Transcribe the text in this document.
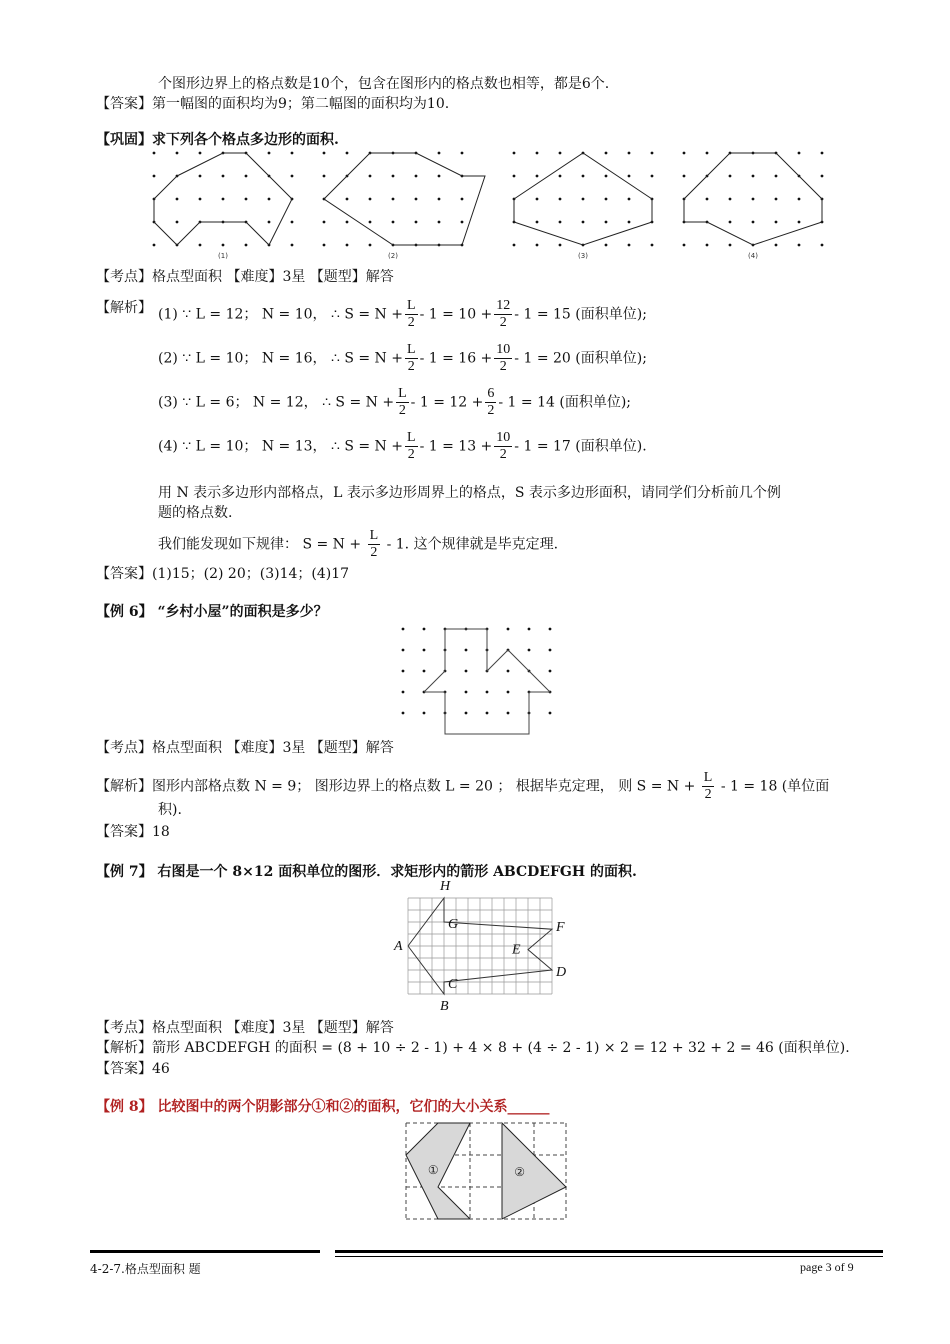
个图形边界上的格点数是10个，包含在图形内的格点数也相等，都是6个.
【答案】第一幅图的面积均为9；第二幅图的面积均为10.
【巩固】求下列各个格点多边形的面积.
(1)	(2)	(3)	(4)
【考点】格点型面积 【难度】3星 【题型】解答
【解析】 (1) ∵ L = 12； N = 10， ∴ $S = N + \frac{L}{2} - 1 = 10 + \frac{12}{2} - 1 = 15$ (面积单位);
(2) ∵ L = 10； N = 16， ∴ $S = N + \frac{L}{2} - 1 = 16 + \frac{10}{2} - 1 = 20$ (面积单位);
(3) ∵ L = 6； N = 12， ∴ $S = N + \frac{L}{2} - 1 = 12 + \frac{6}{2} - 1 = 14$ (面积单位);
(4) ∵ L = 10； N = 13， ∴ $S = N + \frac{L}{2} - 1 = 13 + \frac{10}{2} - 1 = 17$ (面积单位).
用 N 表示多边形内部格点，L 表示多边形周界上的格点，S 表示多边形面积，请同学们分析前几个例
题的格点数.
我们能发现如下规律： $S = N + \frac{L}{2} - 1$. 这个规律就是毕克定理.
【答案】(1)15；(2) 20；(3)14；(4)17
【例 6】 “乡村小屋”的面积是多少？
【考点】格点型面积 【难度】3星 【题型】解答
【解析】图形内部格点数 N = 9； 图形边界上的格点数 L = 20 ； 根据毕克定理， 则 $S = N + \frac{L}{2} - 1 = 18$ (单位面
积).
【答案】18
【例 7】 右图是一个 8×12 面积单位的图形．求矩形内的箭形 ABCDEFGH 的面积.
A
H
G
C
B
E
F
D
【考点】格点型面积 【难度】3星 【题型】解答
【解析】箭形 ABCDEFGH 的面积 = (8 + 10 ÷ 2 - 1) + 4 × 8 + (4 ÷ 2 - 1) × 2 = 12 + 32 + 2 = 46 (面积单位).
【答案】46
【例 8】 比较图中的两个阴影部分①和②的面积，它们的大小关系______
①	②
4-2-7.格点型面积 题	page 3 of 9
